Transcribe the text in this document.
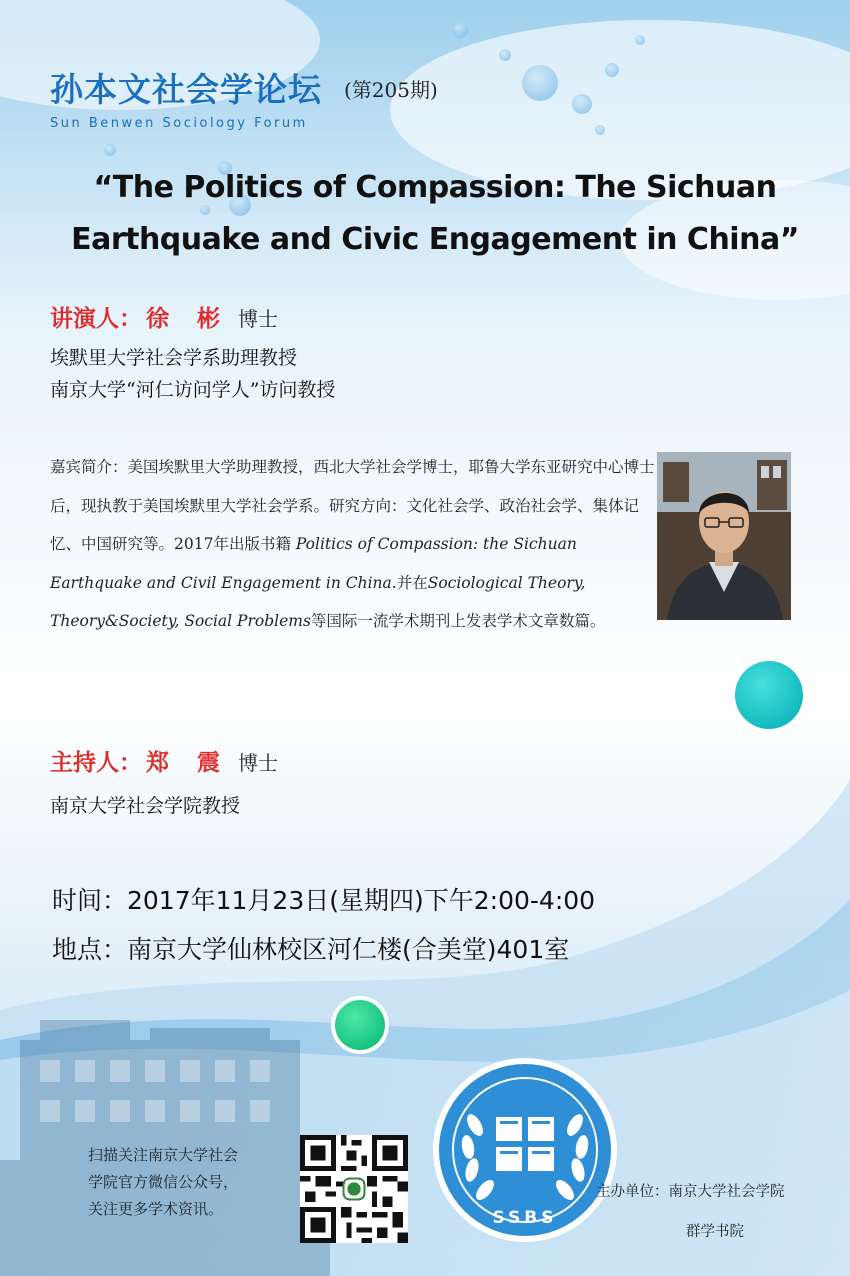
孙本文社会学论坛 (第205期)
Sun Benwen Sociology Forum
“The Politics of Compassion: The Sichuan
Earthquake and Civic Engagement in China”
讲演人： 徐 彬 博士
埃默里大学社会学系助理教授
南京大学“河仁访问学人”访问教授
嘉宾简介：美国埃默里大学助理教授，西北大学社会学博士，耶鲁大学东亚研究中心博士后，现执教于美国埃默里大学社会学系。研究方向：文化社会学、政治社会学、集体记忆、中国研究等。2017年出版书籍 Politics of Compassion: the Sichuan Earthquake and Civil Engagement in China.并在Sociological Theory, Theory&Society, Social Problems等国际一流学术期刊上发表学术文章数篇。
主持人： 郑 震 博士
南京大学社会学院教授
时间：2017年11月23日(星期四)下午2:00-4:00
地点：南京大学仙林校区河仁楼(合美堂)401室
扫描关注南京大学社会
学院官方微信公众号，
关注更多学术资讯。	SSBS
主办单位：南京大学社会学院
群学书院
